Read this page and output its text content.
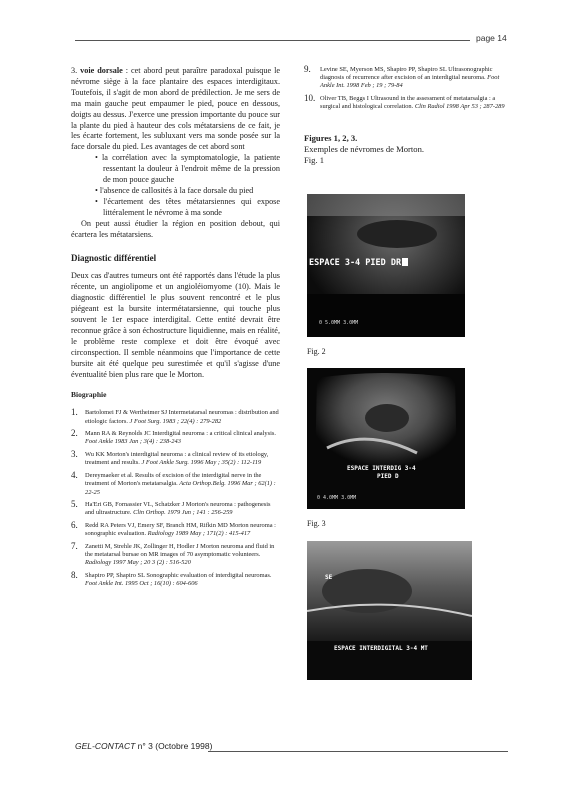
page 14

3. voie dorsale : cet abord peut paraître paradoxal puisque le névrome siège à la face plantaire des espaces interdigitaux. Toutefois, il s'agit de mon abord de prédilection. Je me sers de ma main gauche peut empaumer le pied, pouce en dessous, doigts au dessus. J'exerce une pression importante du pouce sur la plante du pied à hauteur des cols métatarsiens de ce fait, je les écarte fortement, les subluxant vers ma sonde posée sur la face dorsale du pied. Les avantages de cet abord sont

• la corrélation avec la symptomatologie, la patiente ressentant la douleur à l'endroit même de la pression de mon pouce gauche

• l'absence de callosités à la face dorsale du pied

• l'écartement des têtes métatarsiennes qui expose littéralement le névrome à ma sonde

On peut aussi étudier la région en position debout, qui écartera les métatarsiens.

Diagnostic différentiel

Deux cas d'autres tumeurs ont été rapportés dans l'étude la plus récente, un angiolipome et un angioléiomyome (10). Mais le diagnostic différentiel le plus souvent rencontré et le plus piégeant est la bursite intermétatarsienne, qui touche plus souvent le 1er espace interdigital. Cette entité devrait être reconnue grâce à son échostructure liquidienne, mais en réalité, le problème reste complexe et doit être évoqué avec circonspection. Il semble néanmoins que l'importance de cette bursite ait été quelque peu surestimée et qu'il s'agisse d'une éventualité bien plus rare que le Morton.

Biographie
1. Bartolomei FJ & Wertheimer SJ Intermetatarsal neuromas : distribution and etiologic factors. J Foot Surg. 1983 ; 22(4) : 279-282
2. Mann RA & Reynolds JC Interdigital neuroma : a critical clinical analysis. Foot Ankle 1983 Jan ; 3(4) : 238-243
3. Wu KK Morton's interdigital neuroma : a clinical review of its etiology, treatment and results. J Foot Ankle Surg. 1996 May ; 35(2) : 112-119
4. Dereymaeker et al. Results of excision of the interdigital nerve in the treatment of Morton's metatarsalgia. Acta Orthop.Belg. 1996 Mar ; 62(1) : 22-25
5. Ha'Eri GB, Fornassier VL, Schatzker J Morton's neuroma : pathogenesis and ultrastructure. Clin Orthop. 1979 Jun ; 141 : 256-259
6. Redd RA Peters VJ, Emery SF, Branch HM, Rifkin MD Morton neuroma : sonographic evaluation. Radiology 1989 May ; 171(2) : 415-417
7. Zanetti M, Strehle JK, Zollinger H, Hodler J Morton neuroma and fluid in the metatarsal bursae on MR images of 70 asymptomatic volunteers. Radiology 1997 May ; 20 3 (2) : 516-520
8. Shapiro PP, Shapiro SL Sonographic evaluation of interdigital neuromas. Foot Ankle Int. 1995 Oct ; 16(10) : 604-606
9. Levine SE, Myerson MS, Shapiro PP, Shapiro SL Ultrasonographic diagnosis of recurrence after excision of an interdigital neuroma. Foot Ankle Int. 1998 Feb ; 19 ; 79-84
10. Oliver TB, Beggs I Ultrasound in the assessment of metatarsalgia : a surgical and histological correlation. Clin Radiol 1998 Apr 53 ; 287-289
Figures 1, 2, 3.
Exemples de névromes de Morton.
Fig. 1
ESPACE 3-4 PIED DR
0 5.0MM 3.0MM
Fig. 2
ESPACE INTERDIG 3-4
PIED D
0 4.0MM 3.0MM
Fig. 3
SE
ESPACE INTERDIGITAL 3-4 MT
GEL-CONTACT n° 3 (Octobre 1998)
